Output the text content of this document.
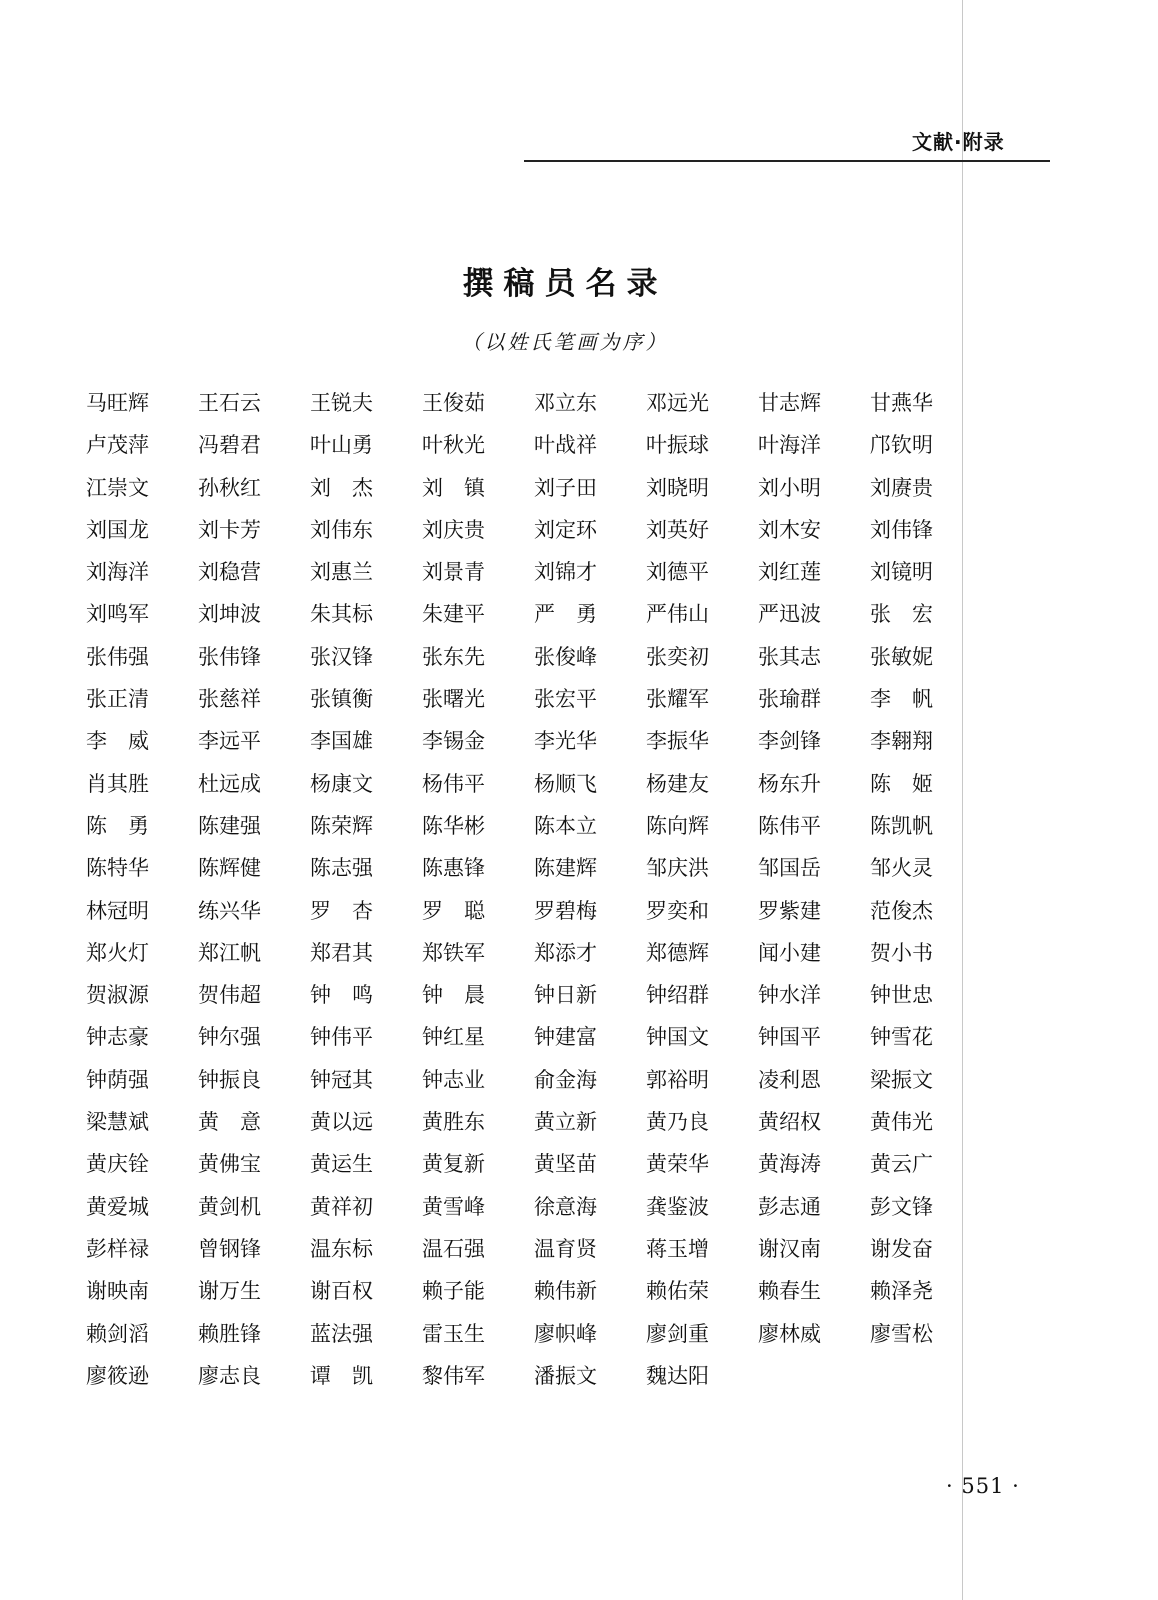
文献·附录
撰稿员名录
（以姓氏笔画为序）
马旺辉	王石云	王锐夫	王俊茹	邓立东	邓远光	甘志辉	甘燕华
卢茂萍	冯碧君	叶山勇	叶秋光	叶战祥	叶振球	叶海洋	邝钦明
江崇文	孙秋红	刘　杰	刘　镇	刘子田	刘晓明	刘小明	刘赓贵
刘国龙	刘卡芳	刘伟东	刘庆贵	刘定环	刘英好	刘木安	刘伟锋
刘海洋	刘稳营	刘惠兰	刘景青	刘锦才	刘德平	刘红莲	刘镜明
刘鸣军	刘坤波	朱其标	朱建平	严　勇	严伟山	严迅波	张　宏
张伟强	张伟锋	张汉锋	张东先	张俊峰	张奕初	张其志	张敏妮
张正清	张慈祥	张镇衡	张曙光	张宏平	张耀军	张瑜群	李　帆
李　威	李远平	李国雄	李锡金	李光华	李振华	李剑锋	李翱翔
肖其胜	杜远成	杨康文	杨伟平	杨顺飞	杨建友	杨东升	陈　姬
陈　勇	陈建强	陈荣辉	陈华彬	陈本立	陈向辉	陈伟平	陈凯帆
陈特华	陈辉健	陈志强	陈惠锋	陈建辉	邹庆洪	邹国岳	邹火灵
林冠明	练兴华	罗　杏	罗　聪	罗碧梅	罗奕和	罗紫建	范俊杰
郑火灯	郑江帆	郑君其	郑铁军	郑添才	郑德辉	闻小建	贺小书
贺淑源	贺伟超	钟　鸣	钟　晨	钟日新	钟绍群	钟水洋	钟世忠
钟志豪	钟尔强	钟伟平	钟红星	钟建富	钟国文	钟国平	钟雪花
钟荫强	钟振良	钟冠其	钟志业	俞金海	郭裕明	凌利恩	梁振文
梁慧斌	黄　意	黄以远	黄胜东	黄立新	黄乃良	黄绍权	黄伟光
黄庆铨	黄佛宝	黄运生	黄复新	黄坚苗	黄荣华	黄海涛	黄云广
黄爱城	黄剑机	黄祥初	黄雪峰	徐意海	龚鉴波	彭志通	彭文锋
彭样禄	曾钢锋	温东标	温石强	温育贤	蒋玉增	谢汉南	谢发奋
谢映南	谢万生	谢百权	赖子能	赖伟新	赖佑荣	赖春生	赖泽尧
赖剑滔	赖胜锋	蓝法强	雷玉生	廖帜峰	廖剑重	廖林威	廖雪松
廖筱逊	廖志良	谭　凯	黎伟军	潘振文	魏达阳
· 551 ·
